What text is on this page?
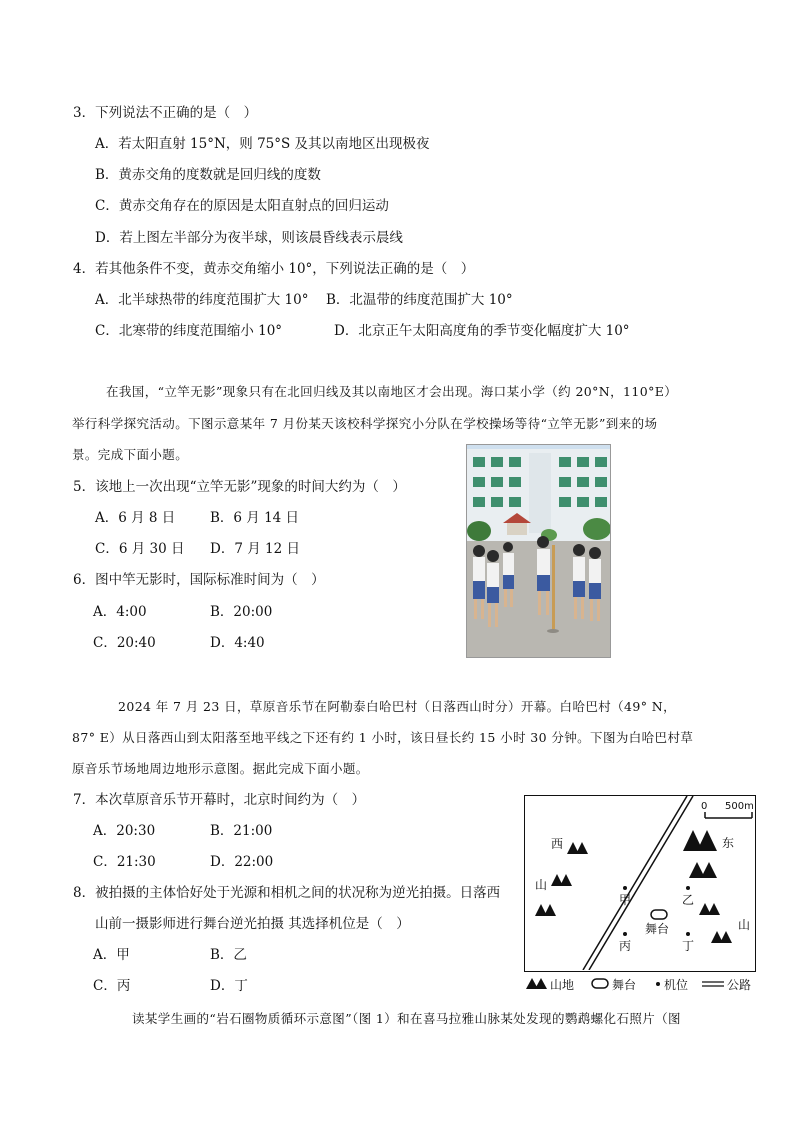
3．下列说法不正确的是（　）
A．若太阳直射 15°N，则 75°S 及其以南地区出现极夜
B．黄赤交角的度数就是回归线的度数
C．黄赤交角存在的原因是太阳直射点的回归运动
D．若上图左半部分为夜半球，则该晨昏线表示晨线
4．若其他条件不变，黄赤交角缩小 10°，下列说法正确的是（　）
A．北半球热带的纬度范围扩大 10° B．北温带的纬度范围扩大 10°
C．北寒带的纬度范围缩小 10°	D．北京正午太阳高度角的季节变化幅度扩大 10°
在我国，“立竿无影”现象只有在北回归线及其以南地区才会出现。海口某小学（约 20°N，110°E）
举行科学探究活动。下图示意某年 7 月份某天该校科学探究小分队在学校操场等待“立竿无影”到来的场
景。完成下面小题。
5．该地上一次出现“立竿无影”现象的时间大约为（　）
A．6 月 8 日	B．6 月 14 日
C．6 月 30 日 D．7 月 12 日
6．图中竿无影时，国际标准时间为（　）
A．4:00	B．20:00
C．20:40	D．4:40
2024 年 7 月 23 日，草原音乐节在阿勒泰白哈巴村（日落西山时分）开幕。白哈巴村（49° N，
87° E）从日落西山到太阳落至地平线之下还有约 1 小时，该日昼长约 15 小时 30 分钟。下图为白哈巴村草
原音乐节场地周边地形示意图。据此完成下面小题。
7．本次草原音乐节开幕时，北京时间约为（　）
A．20:30	B．21:00
C．21:30	D．22:00
8．被拍摄的主体恰好处于光源和相机之间的状况称为逆光拍摄。日落西
山前一摄影师进行舞台逆光拍摄 其选择机位是（　）
A．甲	B．乙
C．丙	D．丁
0 500m
西
山
东
山
甲	乙
丙	丁
舞台
山地	舞台 机位	公路
读某学生画的“岩石圈物质循环示意图”（图 1）和在喜马拉雅山脉某处发现的鹦鹉螺化石照片（图
